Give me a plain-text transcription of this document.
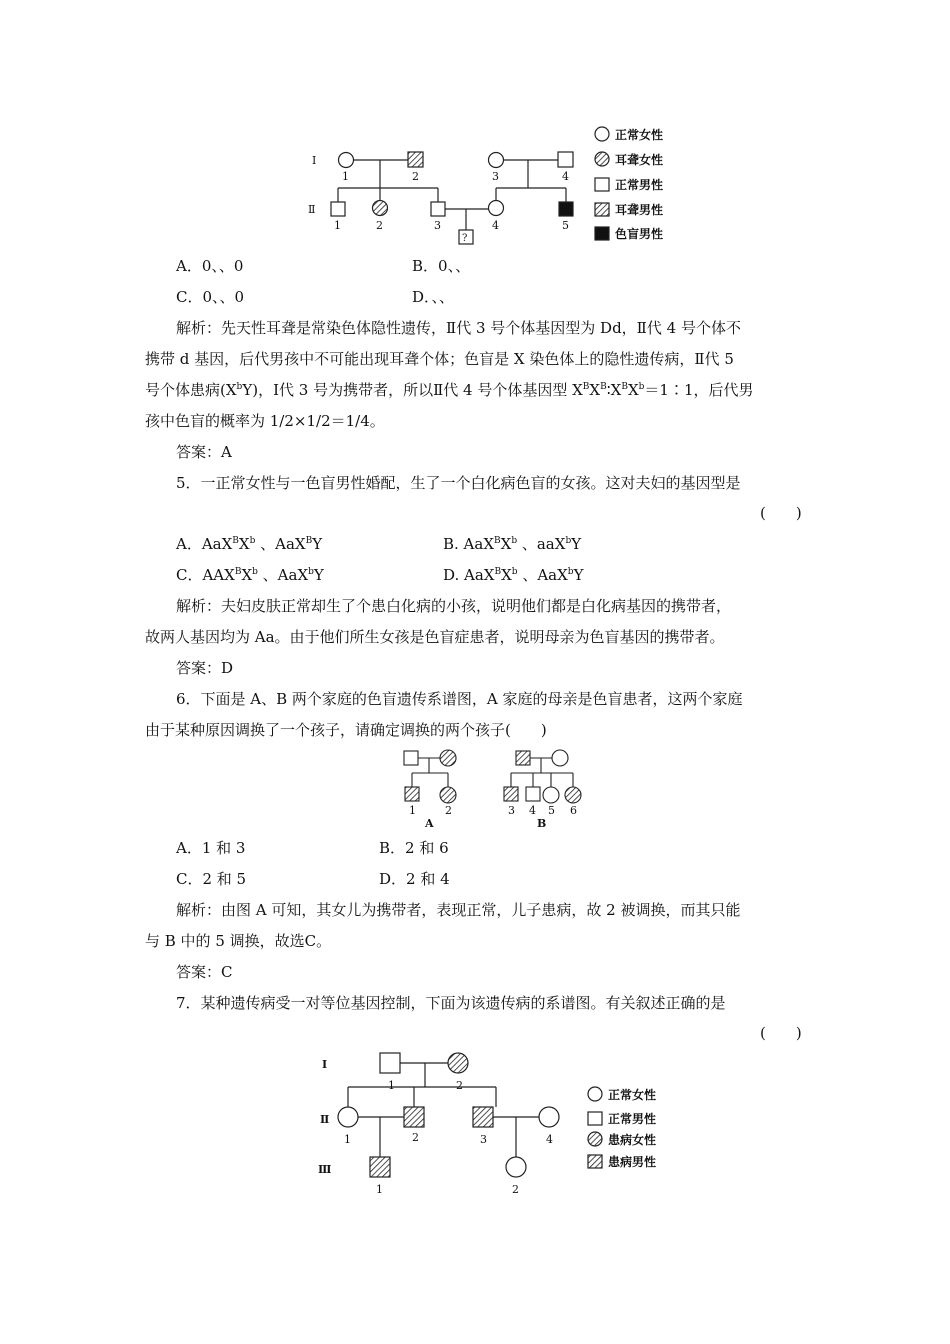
Ⅰ
Ⅱ
1	2	3	4
1	2	3	4	5
?
正常女性
耳聋女性
正常男性
耳聋男性
色盲男性
A．0、、0	B．0、、
C．0、、0	D．、、
解析：先天性耳聋是常染色体隐性遗传，Ⅱ代 3 号个体基因型为 Dd，Ⅱ代 4 号个体不
携带 d 基因，后代男孩中不可能出现耳聋个体；色盲是 X 染色体上的隐性遗传病，Ⅱ代 5
号个体患病$(X^bY)$，Ⅰ代 3 号为携带者，所以Ⅱ代 4 号个体基因型 $X^BX^B∶X^BX^b=1∶1$，后代男
孩中色盲的概率为 1/2×1/2＝1/4。
答案：A
5．一正常女性与一色盲男性婚配，生了一个白化病色盲的女孩。这对夫妇的基因型是
(　　)
A．$AaX^BX^b$ 、AaX$^B$Y	B. $AaX^BX^b$ 、aaX$^b$Y
C．$AAX^BX^b$ 、AaX$^b$Y	D. $AaX^BX^b$ 、AaX$^b$Y
解析：夫妇皮肤正常却生了个患白化病的小孩，说明他们都是白化病基因的携带者，
故两人基因均为 Aa。由于他们所生女孩是色盲症患者，说明母亲为色盲基因的携带者。
答案：D
6．下面是 A、B 两个家庭的色盲遗传系谱图，A 家庭的母亲是色盲患者，这两个家庭
由于某种原因调换了一个孩子，请确定调换的两个孩子(　　)
1	2
A
3 4 5 6
B
A．1 和 3	B．2 和 6
C．2 和 5	D．2 和 4
解析：由图 A 可知，其女儿为携带者，表现正常，儿子患病，故 2 被调换，而其只能
与 B 中的 5 调换，故选C。
答案：C
7．某种遗传病受一对等位基因控制，下面为该遗传病的系谱图。有关叙述正确的是
(　　)
Ⅰ
Ⅱ
Ⅲ
1	2
1	2	3	4
1	2
正常女性
正常男性
患病女性
患病男性
